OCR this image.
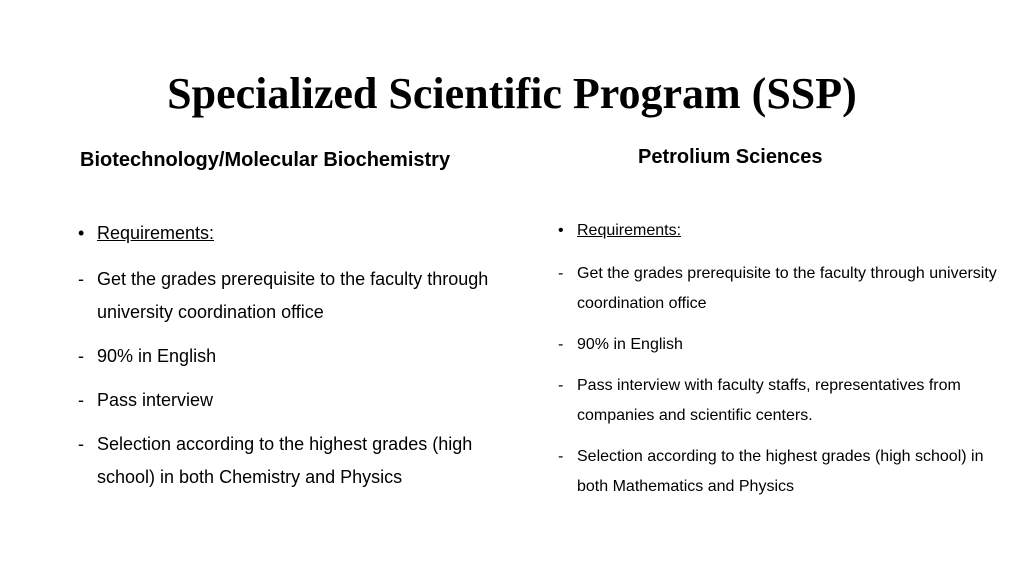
Specialized Scientific Program (SSP)
Biotechnology/Molecular Biochemistry	Petrolium Sciences
• Requirements:
- Get the grades prerequisite to the faculty through university coordination office
- 90% in English
- Pass interview
- Selection according to the highest grades (high school) in both Chemistry and Physics
• Requirements:
- Get the grades prerequisite to the faculty through university coordination office
- 90% in English
- Pass interview with faculty staffs, representatives from companies and scientific centers.
- Selection according to the highest grades (high school) in both Mathematics and Physics
